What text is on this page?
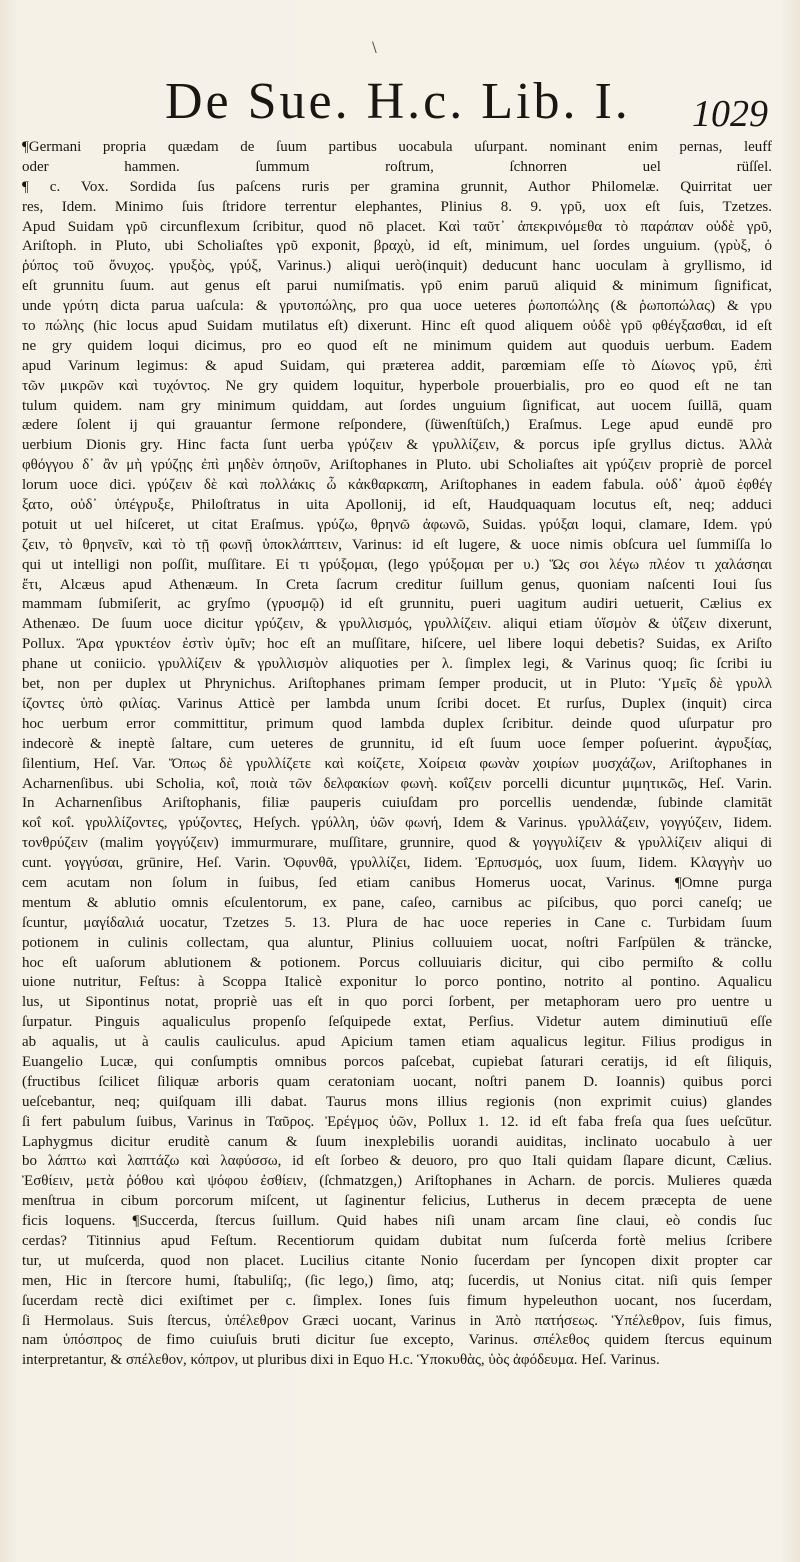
\
De Sue. H.c. Lib. I. 1029
¶Germani propria quædam de ſuum partibus uocabula uſurpant. nominant enim pernas, leuff
oder hammen. ſummum roſtrum, ſchnorren uel rüſſel.
¶ c. Vox. Sordida ſus paſcens ruris per gramina grunnit, Author Philomelæ. Quirritat uer
res, Idem. Minimo ſuis ſtridore terrentur elephantes, Plinius 8. 9. γρῦ, uox eſt ſuis, Tzetzes.
Apud Suidam γρῦ circunflexum ſcribitur, quod nō placet. Καὶ ταῦτ᾿ ἀπεκρινόμεθα τὸ παράπαν οὐδὲ γρῦ,
Ariſtoph. in Pluto, ubi Scholiaſtes γρῦ exponit, βραχὺ, id eſt, minimum, uel ſordes unguium. (γρὺξ, ὁ
ῥύπος τοῦ ὄνυχος. γρυξὸς, γρύξ, Varinus.) aliqui uerò(inquit) deducunt hanc uoculam à gryllismo, id
eſt grunnitu ſuum. aut genus eſt parui numiſmatis. γρῦ enim paruū aliquid & minimum ſignificat,
unde γρύτη dicta parua uaſcula: & γρυτοπώλης, pro qua uoce ueteres ῥωποπώλης (& ῥωποπώλας) & γρυ
το πώλης (hic locus apud Suidam mutilatus eſt) dixerunt. Hinc eſt quod aliquem οὐδὲ γρῦ φθέγξασθαι, id eſt
ne gry quidem loqui dicimus, pro eo quod eſt ne minimum quidem aut quoduis uerbum. Eadem
apud Varinum legimus: & apud Suidam, qui præterea addit, parœmiam eſſe τὸ Δίωνος γρῦ, ἐπὶ
τῶν μικρῶν καὶ τυχόντος. Ne gry quidem loquitur, hyperbole prouerbialis, pro eo quod eſt ne tan
tulum quidem. nam gry minimum quiddam, aut ſordes unguium ſignificat, aut uocem ſuillā, quam
ædere ſolent ij qui grauantur ſermone reſpondere, (ſüwenſtüſch,) Eraſmus. Lege apud eundē pro
uerbium Dionis gry. Hinc facta ſunt uerba γρύζειν & γρυλλίζειν, & porcus ipſe gryllus dictus. Ἀλλὰ
φθόγγου δ᾿ ἂν μὴ γρύζῃς ἐπὶ μηδὲν ὁπηοῦν, Ariſtophanes in Pluto. ubi Scholiaſtes ait γρύζειν propriè de porcel
lorum uoce dici. γρύζειν δὲ καὶ πολλάκις ὦ κἀκθαρκαπη, Ariſtophanes in eadem fabula. οὐδ᾿ ἁμοῦ ἐφθέγ
ξατο, οὐδ᾿ ὑπέγρυξε, Philoſtratus in uita Apollonij, id eſt, Haudquaquam locutus eſt, neq; adduci
potuit ut uel hiſceret, ut citat Eraſmus. γρύζω, θρηνῶ ἀφωνῶ, Suidas. γρύξαι loqui, clamare, Idem. γρύ
ζειν, τὸ θρηνεῖν, καὶ τὸ τῇ φωνῇ ὑποκλάπτειν, Varinus: id eſt lugere, & uoce nimis obſcura uel ſummiſſa lo
qui ut intelligi non poſſit, muſſitare. Εἰ τι γρύξομαι, (lego γρύξομαι per υ.) Ὥς σοι λέγω πλέον τι χαλάσηαι
ἔτι, Alcæus apud Athenæum. In Creta ſacrum creditur ſuillum genus, quoniam naſcenti Ioui ſus
mammam ſubmiſerit, ac gryſmo (γρυσμῷ) id eſt grunnitu, pueri uagitum audiri uetuerit, Cælius ex
Athenæo. De ſuum uoce dicitur γρύζειν, & γρυλλισμός, γρυλλίζειν. aliqui etiam ὑἵσμὸν & ὑΐζειν dixerunt,
Pollux. Ἄρα γρυκτέον ἐστὶν ὑμῖν; hoc eſt an muſſitare, hiſcere, uel libere loqui debetis? Suidas, ex Ariſto
phane ut coniicio. γρυλλίζειν & γρυλλισμὸν aliquoties per λ. ſimplex legi, & Varinus quoq; ſic ſcribi iu
bet, non per duplex ut Phrynichus. Ariſtophanes primam ſemper producit, ut in Pluto: Ὑμεῖς δὲ γρυλλ
ίζοντες ὑπὸ φιλίας. Varinus Atticè per lambda unum ſcribi docet. Et rurſus, Duplex (inquit) circa
hoc uerbum error committitur, primum quod lambda duplex ſcribitur. deinde quod uſurpatur pro
indecorè & ineptè ſaltare, cum ueteres de grunnitu, id eſt ſuum uoce ſemper poſuerint. ἀγρυξίας,
ſilentium, Heſ. Var. Ὅπως δὲ γρυλλίζετε καὶ κοίζετε, Χοίρεια φωνὰν χοιρίων μυσχάζων, Ariſtophanes in
Acharnenſibus. ubi Scholia, κοΐ, ποιὰ τῶν δελφακίων φωνὴ. κοΐζειν porcelli dicuntur μιμητικῶς, Heſ. Varin.
In Acharnenſibus Ariſtophanis, filiæ pauperis cuiuſdam pro porcellis uendendæ, ſubinde clamitāt
κοΐ κοΐ. γρυλλίζοντες, γρύζοντες, Heſych. γρύλλη, ὑῶν φωνή, Idem & Varinus. γρυλλάζειν, γογγύζειν, Iidem.
τονθρύζειν (malim γογγύζειν) immurmurare, muſſitare, grunnire, quod & γογγυλίζειν & γρυλλίζειν aliqui di
cunt. γογγύσαι, grūnire, Heſ. Varin. Ὀφυνθᾶ, γρυλλίζει, Iidem. Ἐρπυσμός, uox ſuum, Iidem. Κλαγγὴν uo
cem acutam non ſolum in ſuibus, ſed etiam canibus Homerus uocat, Varinus. ¶Omne purga
mentum & ablutio omnis eſculentorum, ex pane, caſeo, carnibus ac piſcibus, quo porci caneſq; ue
ſcuntur, μαγίδαλιά uocatur, Tzetzes 5. 13. Plura de hac uoce reperies in Cane c. Turbidam ſuum
potionem in culinis collectam, qua aluntur, Plinius colluuiem uocat, noſtri Farſpülen & träncke,
hoc eſt uaſorum ablutionem & potionem. Porcus colluuiaris dicitur, qui cibo permiſto & collu
uione nutritur, Feſtus: à Scoppa Italicè exponitur lo porco pontino, notrito al pontino. Aqualicu
lus, ut Sipontinus notat, propriè uas eſt in quo porci ſorbent, per metaphoram uero pro uentre u
ſurpatur. Pinguis aqualiculus propenſo ſeſquipede extat, Perſius. Videtur autem diminutiuū eſſe
ab aqualis, ut à caulis cauliculus. apud Apicium tamen etiam aqualicus legitur. Filius prodigus in
Euangelio Lucæ, qui conſumptis omnibus porcos paſcebat, cupiebat ſaturari ceratijs, id eſt ſiliquis,
(fructibus ſcilicet ſiliquæ arboris quam ceratoniam uocant, noſtri panem D. Ioannis) quibus porci
ueſcebantur, neq; quiſquam illi dabat. Taurus mons illius regionis (non exprimit cuius) glandes
ſi fert pabulum ſuibus, Varinus in Ταῦρος. Ἐρέγμος ὑῶν, Pollux 1. 12. id eſt faba freſa qua ſues ueſcūtur.
Laphygmus dicitur eruditè canum & ſuum inexplebilis uorandi auiditas, inclinato uocabulo à uer
bo λάπτω καὶ λαπτάζω καὶ λαφύσσω, id eſt ſorbeo & deuoro, pro quo Itali quidam ſlapare dicunt, Cælius.
Ἐσθίειν, μετὰ ῥόθου καὶ ψόφου ἐσθίειν, (ſchmatzgen,) Ariſtophanes in Acharn. de porcis. Mulieres quæda
menſtrua in cibum porcorum miſcent, ut ſaginentur felicius, Lutherus in decem præcepta de uene
ficis loquens. ¶Succerda, ſtercus ſuillum. Quid habes niſi unam arcam ſine claui, eò condis ſuc
cerdas? Titinnius apud Feſtum. Recentiorum quidam dubitat num ſuſcerda fortè melius ſcribere
tur, ut muſcerda, quod non placet. Lucilius citante Nonio ſucerdam per ſyncopen dixit propter car
men, Hic in ſtercore humi, ſtabuliſq;, (ſic lego,) ſimo, atq; ſucerdis, ut Nonius citat. niſi quis ſemper
ſucerdam rectè dici exiſtimet per c. ſimplex. Iones ſuis fimum hypeleuthon uocant, nos ſucerdam,
ſi Hermolaus. Suis ſtercus, ὑπέλεθρον Græci uocant, Varinus in Ἀπὸ πατήσεως. Ὑπέλεθρον, ſuis fimus,
nam ὑπόσπρος de fimo cuiuſuis bruti dicitur ſue excepto, Varinus. σπέλεθος quidem ſtercus equinum
interpretantur, & σπέλεθον, κόπρον, ut pluribus dixi in Equo H.c. Ὑποκυθὰς, ὑὸς ἀφόδευμα. Heſ. Varinus.
